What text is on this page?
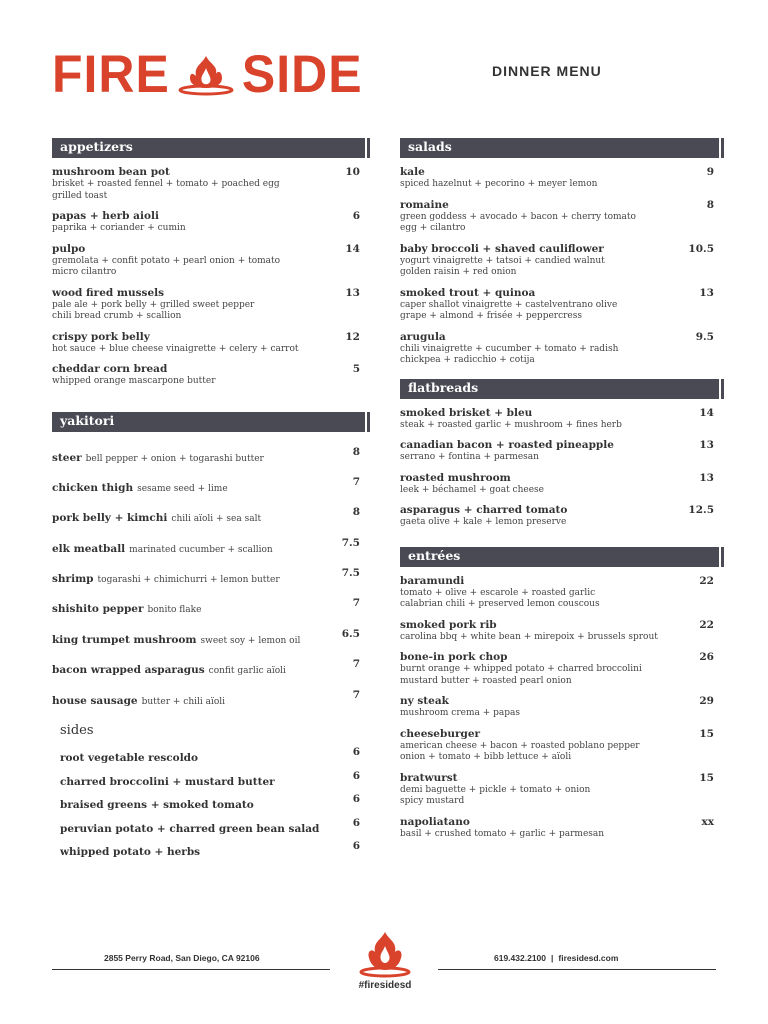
FIRE SIDE	DINNER MENU
appetizers
mushroom bean pot
brisket + roasted fennel + tomato + poached egg
grilled toast
10
papas + herb aioli
paprika + coriander + cumin
6
pulpo
gremolata + confit potato + pearl onion + tomato
micro cilantro
14
wood fired mussels
pale ale + pork belly + grilled sweet pepper
chili bread crumb + scallion
13
crispy pork belly
hot sauce + blue cheese vinaigrette + celery + carrot
12
cheddar corn bread
whipped orange mascarpone butter
5
yakitori
steer bell pepper + onion + togarashi butter
8
chicken thigh sesame seed + lime
7
pork belly + kimchi chili aïoli + sea salt
8
elk meatball marinated cucumber + scallion
7.5
shrimp togarashi + chimichurri + lemon butter
7.5
shishito pepper bonito flake
7
king trumpet mushroom sweet soy + lemon oil
6.5
bacon wrapped asparagus confit garlic aïoli
7
house sausage butter + chili aïoli
7
sides
root vegetable rescoldo	6
charred broccolini + mustard butter	6
braised greens + smoked tomato	6
peruvian potato + charred green bean salad	6
whipped potato + herbs	6
salads
kale
spiced hazelnut + pecorino + meyer lemon
9
romaine
green goddess + avocado + bacon + cherry tomato
egg + cilantro
8
baby broccoli + shaved cauliflower
yogurt vinaigrette + tatsoi + candied walnut
golden raisin + red onion
10.5
smoked trout + quinoa
caper shallot vinaigrette + castelventrano olive
grape + almond + frisée + peppercress
13
arugula
chili vinaigrette + cucumber + tomato + radish
chickpea + radicchio + cotija
9.5
flatbreads
smoked brisket + bleu
steak + roasted garlic + mushroom + fines herb
14
canadian bacon + roasted pineapple
serrano + fontina + parmesan
13
roasted mushroom
leek + béchamel + goat cheese
13
asparagus + charred tomato
gaeta olive + kale + lemon preserve
12.5
entrées
baramundi
tomato + olive + escarole + roasted garlic
calabrian chili + preserved lemon couscous
22
smoked pork rib
carolina bbq + white bean + mirepoix + brussels sprout
22
bone-in pork chop
burnt orange + whipped potato + charred broccolini
mustard butter + roasted pearl onion
26
ny steak
mushroom crema + papas
29
cheeseburger
american cheese + bacon + roasted poblano pepper
onion + tomato + bibb lettuce + aïoli
15
bratwurst
demi baguette + pickle + tomato + onion
spicy mustard
15
napoliatano
basil + crushed tomato + garlic + parmesan
xx
2855 Perry Road, San Diego, CA 92106	619.432.2100 | firesidesd.com
#firesidesd
